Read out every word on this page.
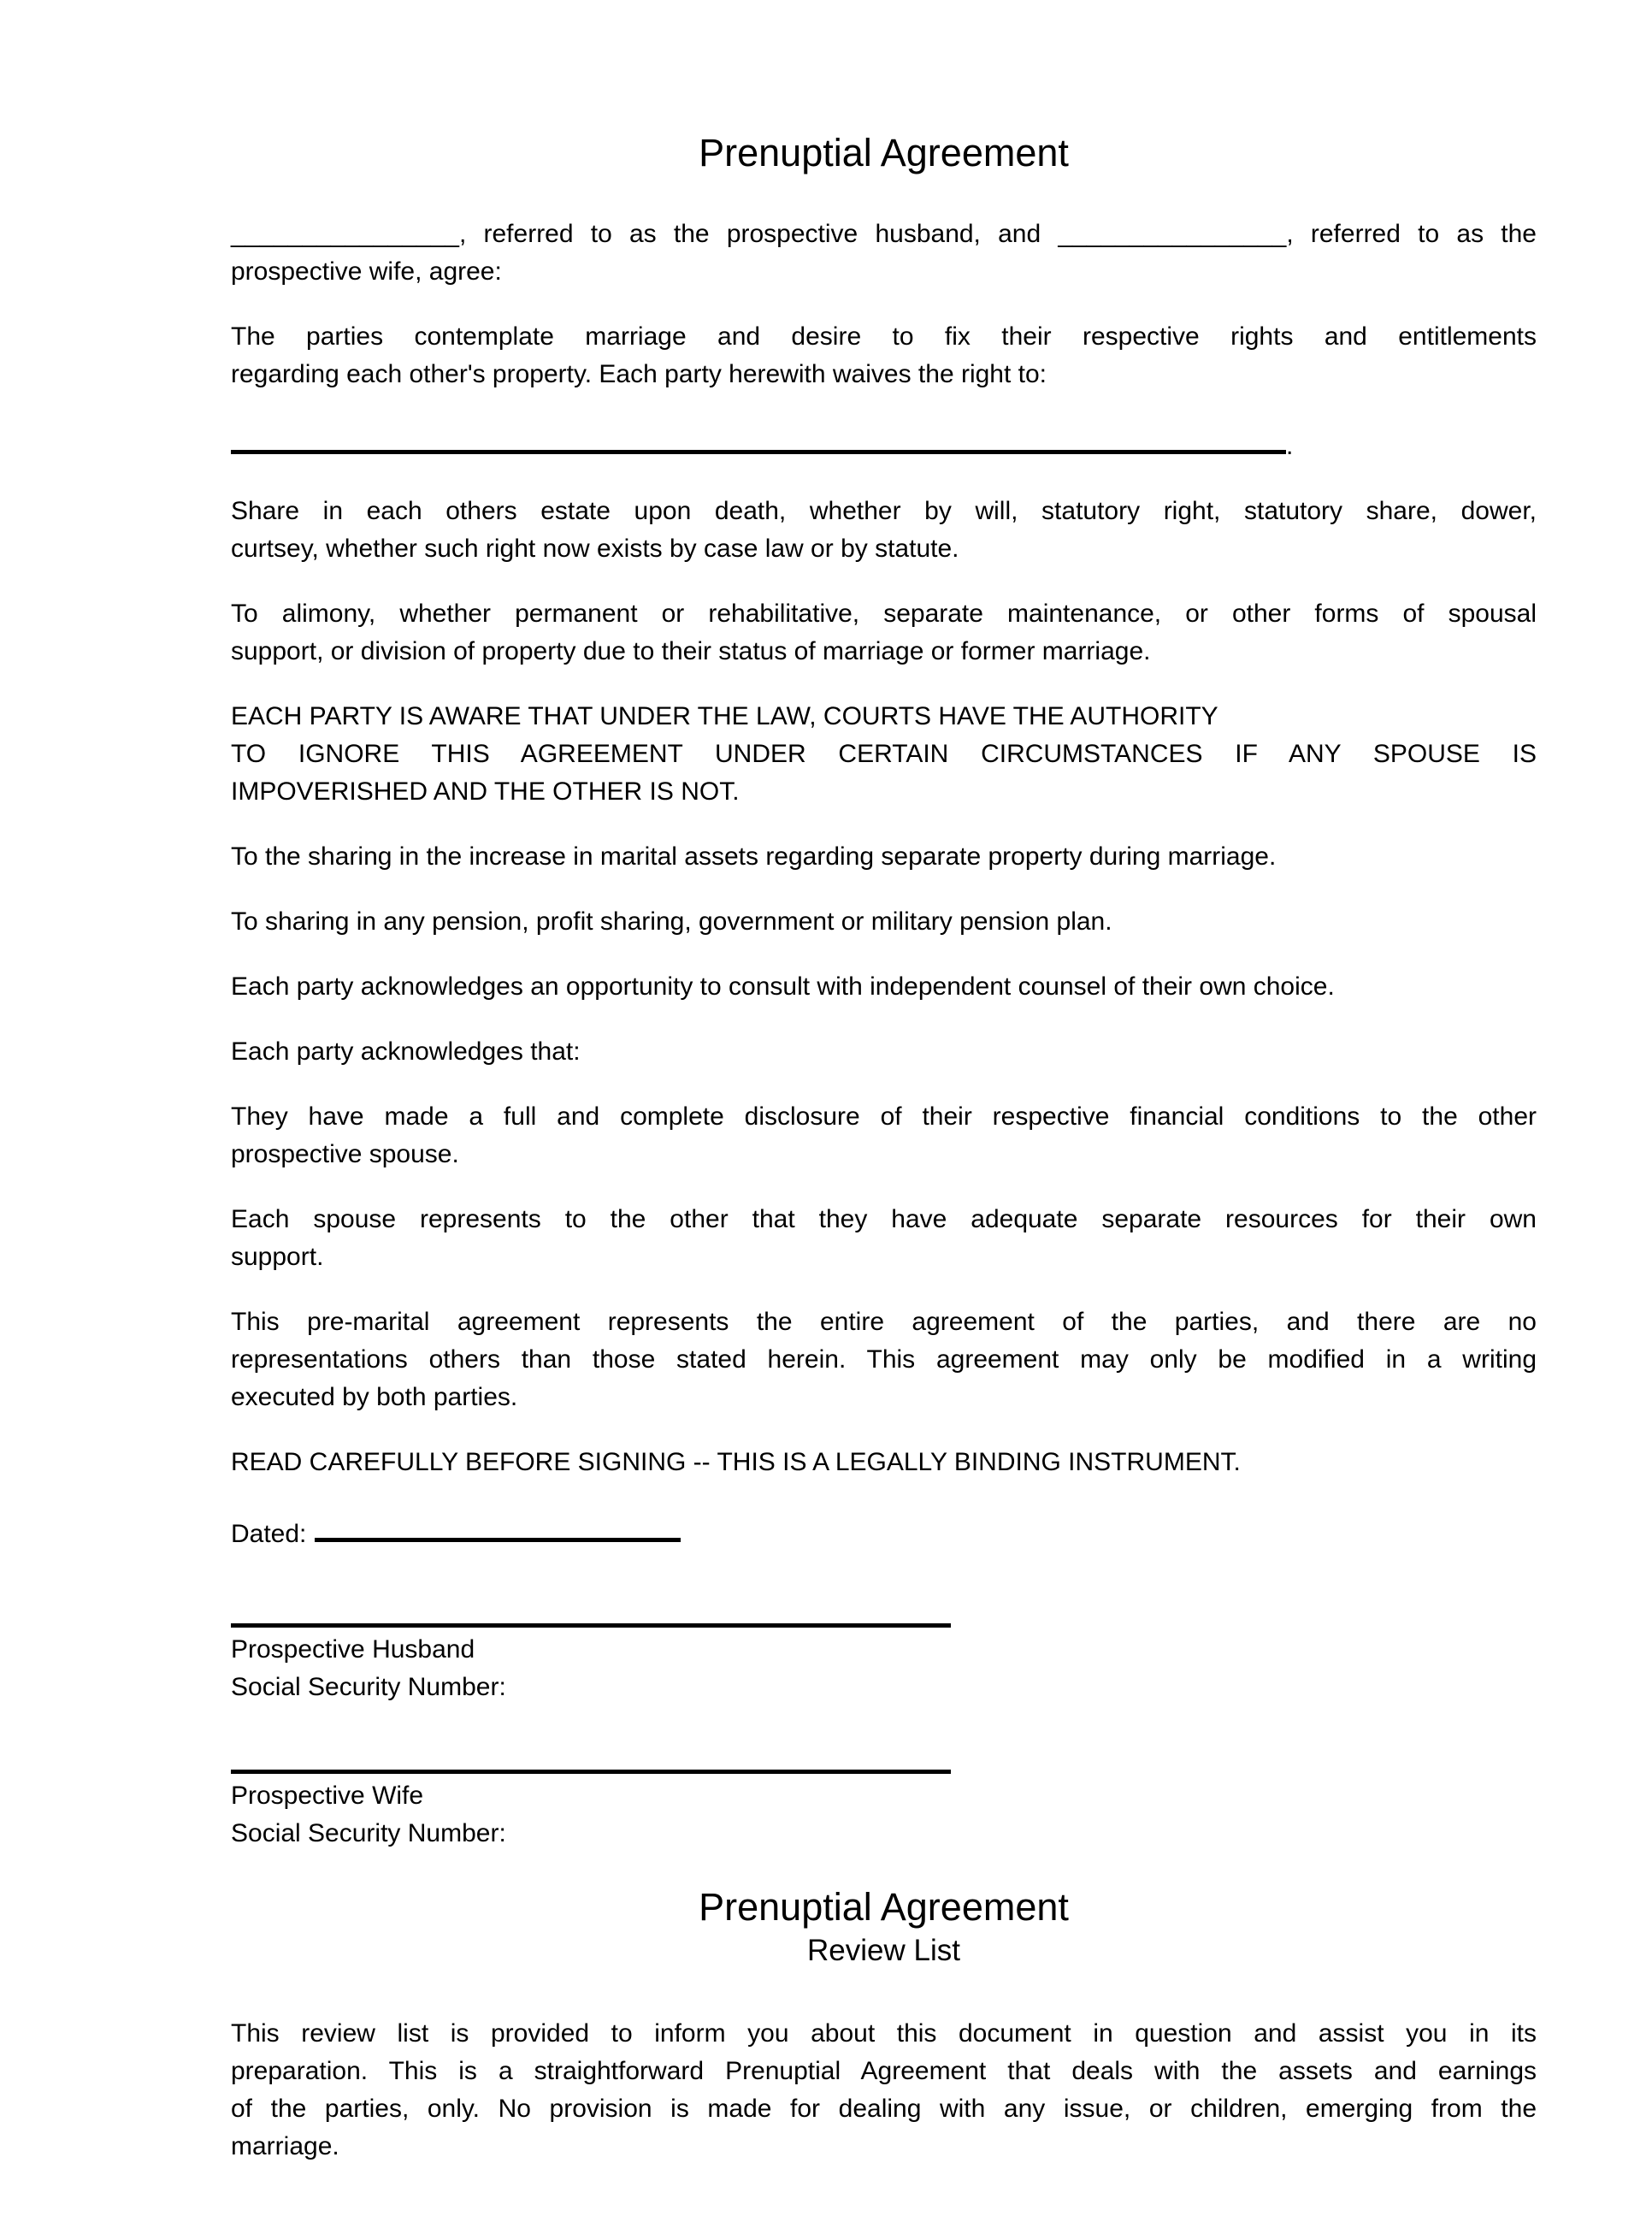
Prenuptial Agreement

________________, referred to as the prospective husband, and ________________, referred to as the
prospective wife, agree:

The parties contemplate marriage and desire to fix their respective rights and entitlements
regarding each other's property. Each party herewith waives the right to:

.

Share in each others estate upon death, whether by will, statutory right, statutory share, dower,
curtsey, whether such right now exists by case law or by statute.

To alimony, whether permanent or rehabilitative, separate maintenance, or other forms of spousal
support, or division of property due to their status of marriage or former marriage.

EACH PARTY IS AWARE THAT UNDER THE LAW, COURTS HAVE THE AUTHORITY
TO IGNORE THIS AGREEMENT UNDER CERTAIN CIRCUMSTANCES IF ANY SPOUSE IS
IMPOVERISHED AND THE OTHER IS NOT.

To the sharing in the increase in marital assets regarding separate property during marriage.

To sharing in any pension, profit sharing, government or military pension plan.

Each party acknowledges an opportunity to consult with independent counsel of their own choice.

Each party acknowledges that:

They have made a full and complete disclosure of their respective financial conditions to the other
prospective spouse.

Each spouse represents to the other that they have adequate separate resources for their own
support.

This pre-marital agreement represents the entire agreement of the parties, and there are no
representations others than those stated herein. This agreement may only be modified in a writing
executed by both parties.

READ CAREFULLY BEFORE SIGNING -- THIS IS A LEGALLY BINDING INSTRUMENT.

Dated:

Prospective Husband
Social Security Number:
Prospective Wife
Social Security Number:
Prenuptial Agreement
Review List

This review list is provided to inform you about this document in question and assist you in its
preparation. This is a straightforward Prenuptial Agreement that deals with the assets and earnings
of the parties, only. No provision is made for dealing with any issue, or children, emerging from the
marriage.
